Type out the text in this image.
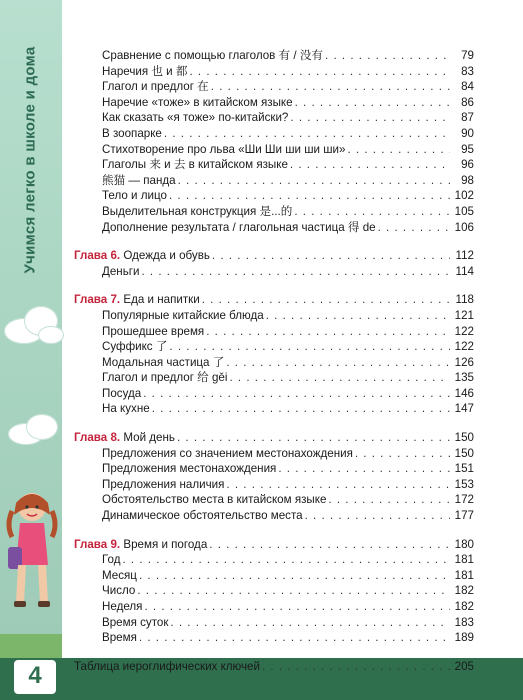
Учимся легко в школе и дома
4
Сравнение с помощью глаголов 有 / 没有 . . .	79
Наречия 也 и 都 . . .	83
Глагол и предлог 在 . . .	84
Наречие «тоже» в китайском языке . . .	86
Как сказать «я тоже» по-китайски? . . .	87
В зоопарке . . .	90
Стихотворение про льва «Ши Ши ши ши ши» . . .	95
Глаголы 来 и 去 в китайском языке . . .	96
熊猫 — панда . . .	98
Тело и лицо . . .	102
Выделительная конструкция 是...的 . . .	105
Дополнение результата / глагольная частица 得 de . . .	106
Глава 6. Одежда и обувь . . .	112
Деньги . . .	114
Глава 7. Еда и напитки . . .	118
Популярные китайские блюда . . .	121
Прошедшее время . . .	122
Суффикс 了 . . .	122
Модальная частица 了 . . .	126
Глагол и предлог 给 gěi . . .	135
Посуда . . .	146
На кухне . . .	147
Глава 8. Мой день . . .	150
Предложения со значением местонахождения . . .	150
Предложения местонахождения . . .	151
Предложения наличия . . .	153
Обстоятельство места в китайском языке . . .	172
Динамическое обстоятельство места . . .	177
Глава 9. Время и погода . . .	180
Год . . .	181
Месяц . . .	181
Число . . .	182
Неделя . . .	182
Время суток . . .	183
Время . . .	189
Таблица иероглифических ключей . . .	205
